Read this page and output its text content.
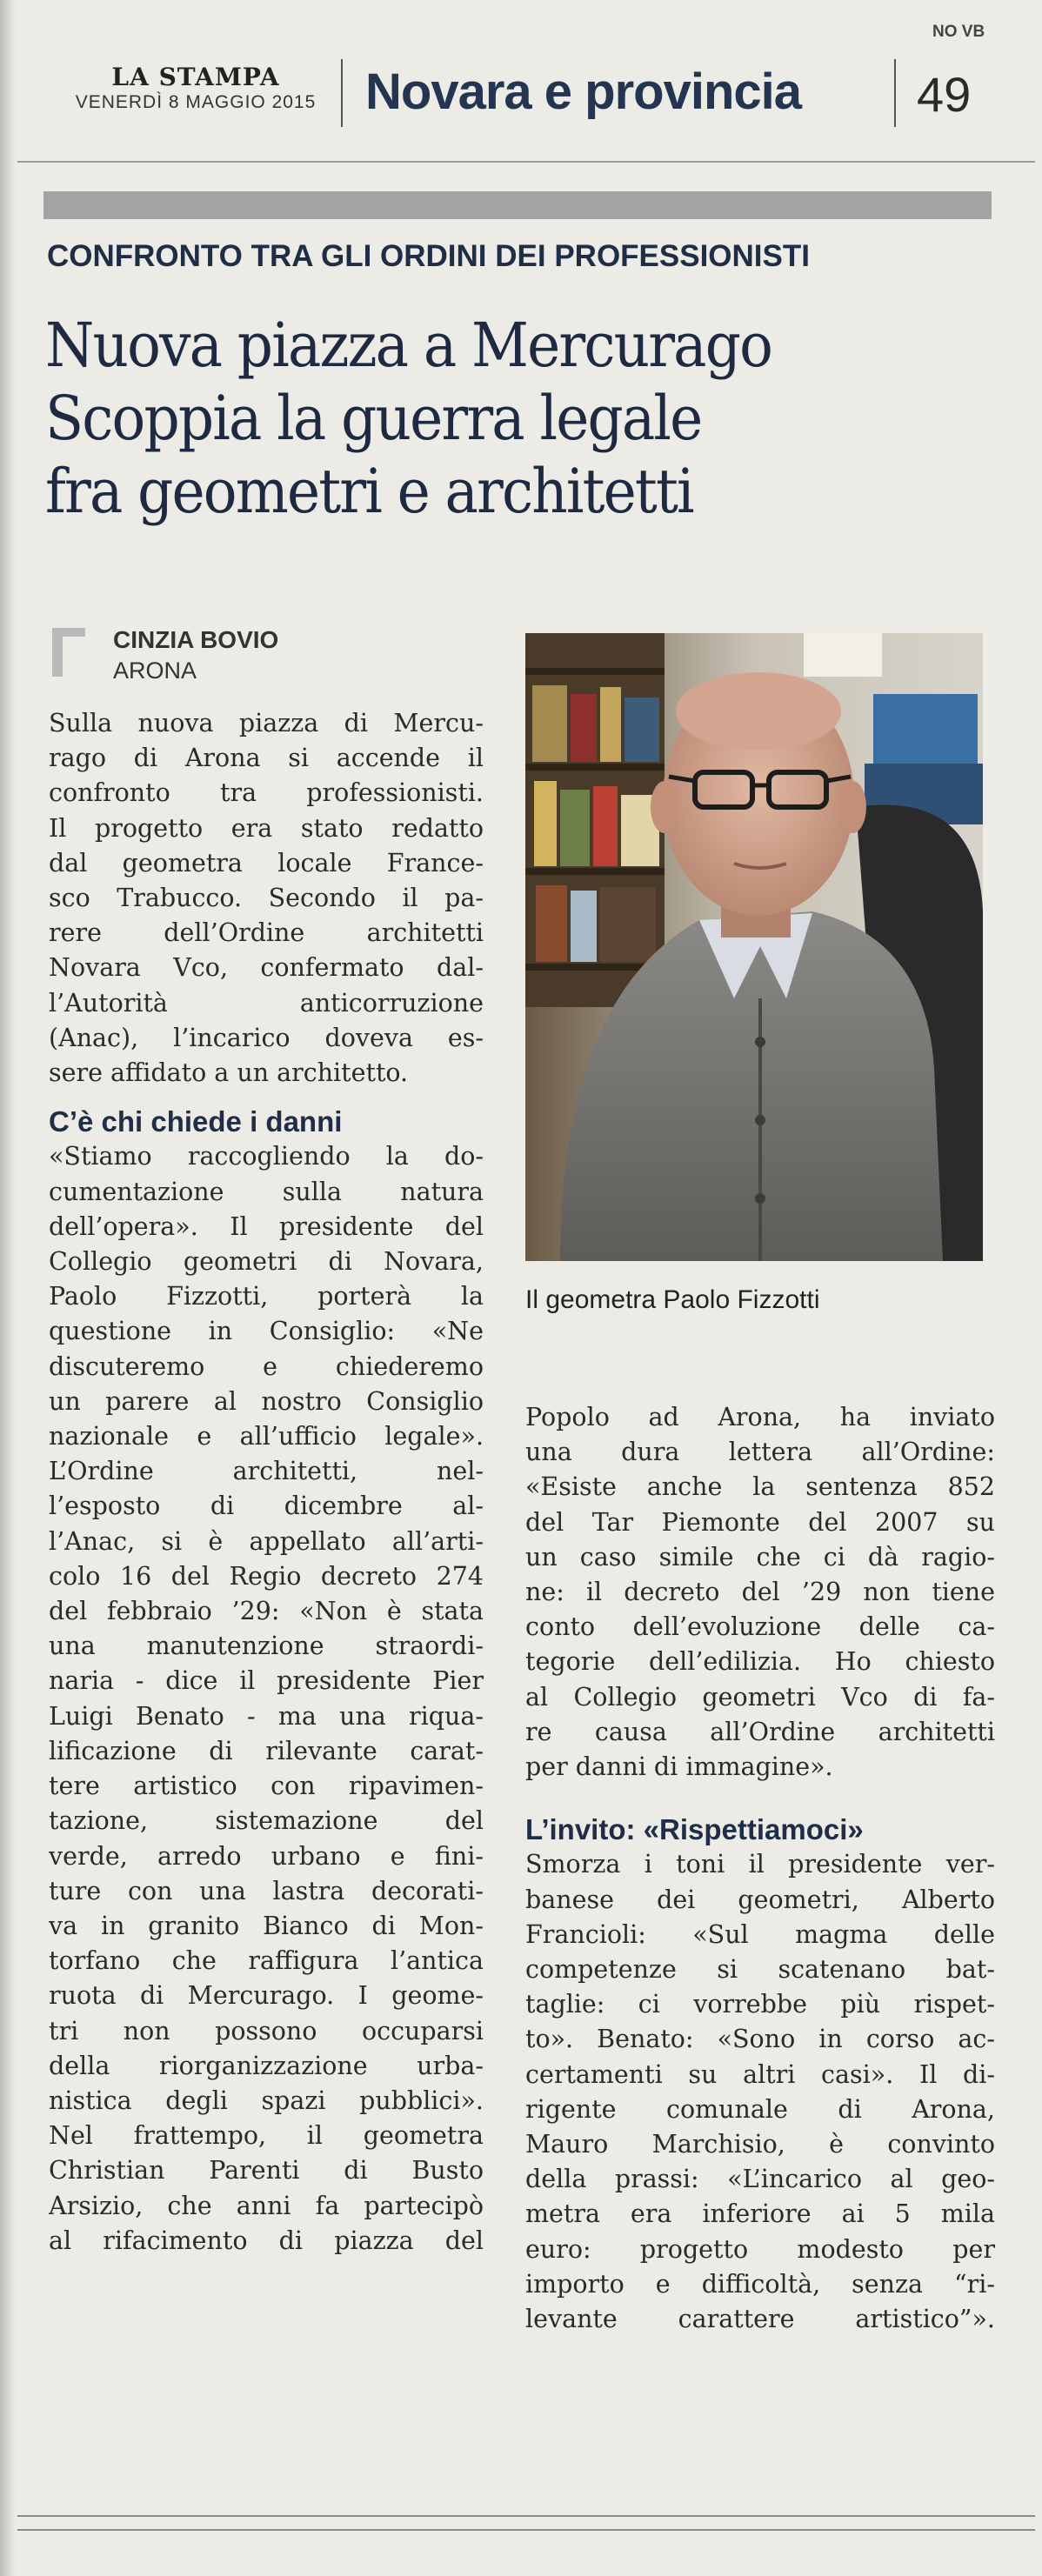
NO VB
LA STAMPA
VENERDÌ 8 MAGGIO 2015 Novara e provincia 49
CONFRONTO TRA GLI ORDINI DEI PROFESSIONISTI
Nuova piazza a Mercurago
Scoppia la guerra legale
fra geometri e architetti
CINZIA BOVIO
ARONA
Sulla nuova piazza di Mercu-
rago di Arona si accende il
confronto tra professionisti.
Il progetto era stato redatto
dal geometra locale France-
sco Trabucco. Secondo il pa-
rere dell’Ordine architetti
Novara Vco, confermato dal-
l’Autorità anticorruzione
(Anac), l’incarico doveva es-
sere affidato a un architetto.
C’è chi chiede i danni
«Stiamo raccogliendo la do-
cumentazione sulla natura
dell’opera». Il presidente del
Collegio geometri di Novara,
Paolo Fizzotti, porterà la
questione in Consiglio: «Ne
discuteremo e chiederemo
un parere al nostro Consiglio
nazionale e all’ufficio legale».
L’Ordine architetti, nel-
l’esposto di dicembre al-
l’Anac, si è appellato all’arti-
colo 16 del Regio decreto 274
del febbraio ’29: «Non è stata
una manutenzione straordi-
naria - dice il presidente Pier
Luigi Benato - ma una riqua-
lificazione di rilevante carat-
tere artistico con ripavimen-
tazione, sistemazione del
verde, arredo urbano e fini-
ture con una lastra decorati-
va in granito Bianco di Mon-
torfano che raffigura l’antica
ruota di Mercurago. I geome-
tri non possono occuparsi
della riorganizzazione urba-
nistica degli spazi pubblici».
Nel frattempo, il geometra
Christian Parenti di Busto
Arsizio, che anni fa partecipò
al rifacimento di piazza del
Il geometra Paolo Fizzotti
Popolo ad Arona, ha inviato
una dura lettera all’Ordine:
«Esiste anche la sentenza 852
del Tar Piemonte del 2007 su
un caso simile che ci dà ragio-
ne: il decreto del ’29 non tiene
conto dell’evoluzione delle ca-
tegorie dell’edilizia. Ho chiesto
al Collegio geometri Vco di fa-
re causa all’Ordine architetti
per danni di immagine».
L’invito: «Rispettiamoci»
Smorza i toni il presidente ver-
banese dei geometri, Alberto
Francioli: «Sul magma delle
competenze si scatenano bat-
taglie: ci vorrebbe più rispet-
to». Benato: «Sono in corso ac-
certamenti su altri casi». Il di-
rigente comunale di Arona,
Mauro Marchisio, è convinto
della prassi: «L’incarico al geo-
metra era inferiore ai 5 mila
euro: progetto modesto per
importo e difficoltà, senza “ri-
levante carattere artistico”».
